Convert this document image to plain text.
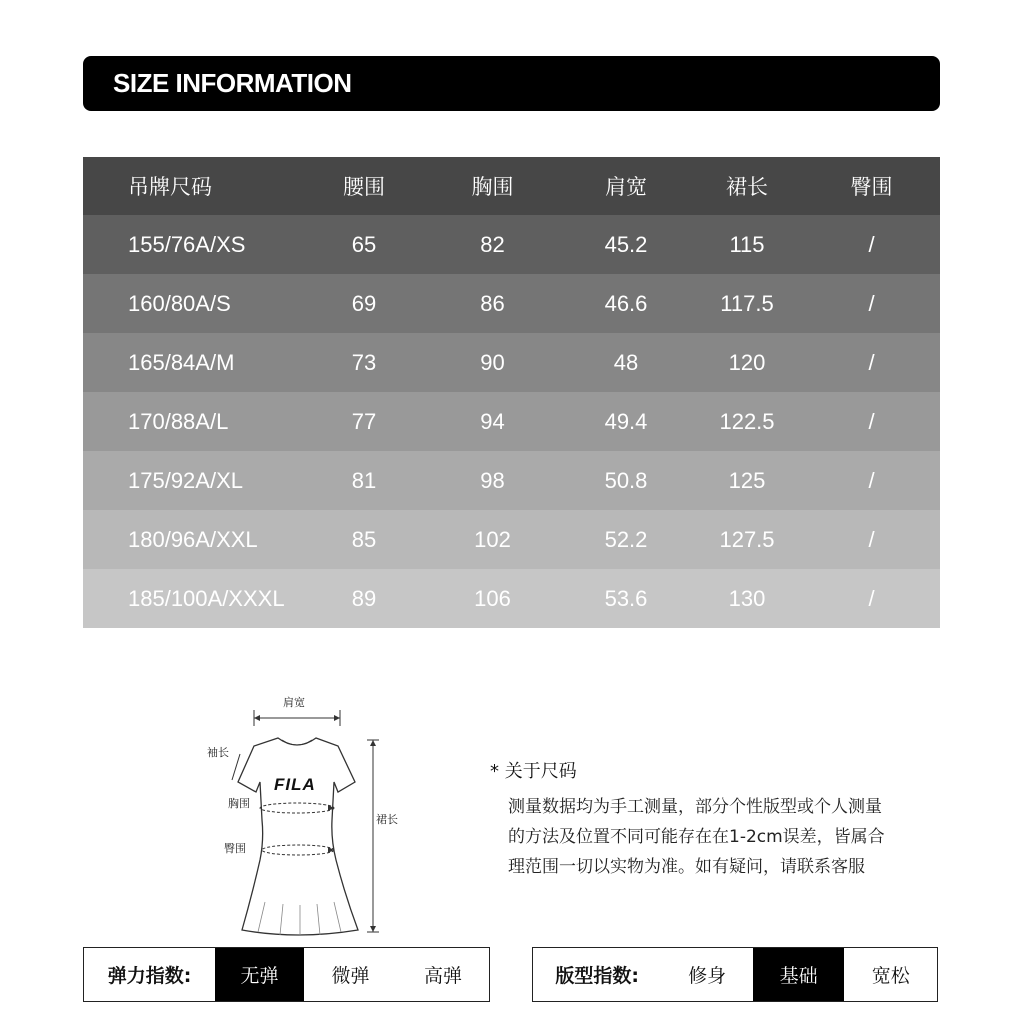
SIZE INFORMATION
吊牌尺码	腰围	胸围	肩宽	裙长	臀围
155/76A/XS	65	82	45.2	115	/
160/80A/S	69	86	46.6	117.5	/
165/84A/M	73	90	48	120	/
170/88A/L	77	94	49.4	122.5	/
175/92A/XL	81	98	50.8	125	/
180/96A/XXL	85	102	52.2	127.5	/
185/100A/XXXL	89	106	53.6	130	/
肩宽
袖长
胸围
臀围
裙长
FILA
* 关于尺码
测量数据均为手工测量，部分个性版型或个人测量
的方法及位置不同可能存在在1-2cm误差，皆属合
理范围一切以实物为准。如有疑问，请联系客服
弹力指数:	无弹	微弹	高弹	版型指数:	修身	基础	宽松
